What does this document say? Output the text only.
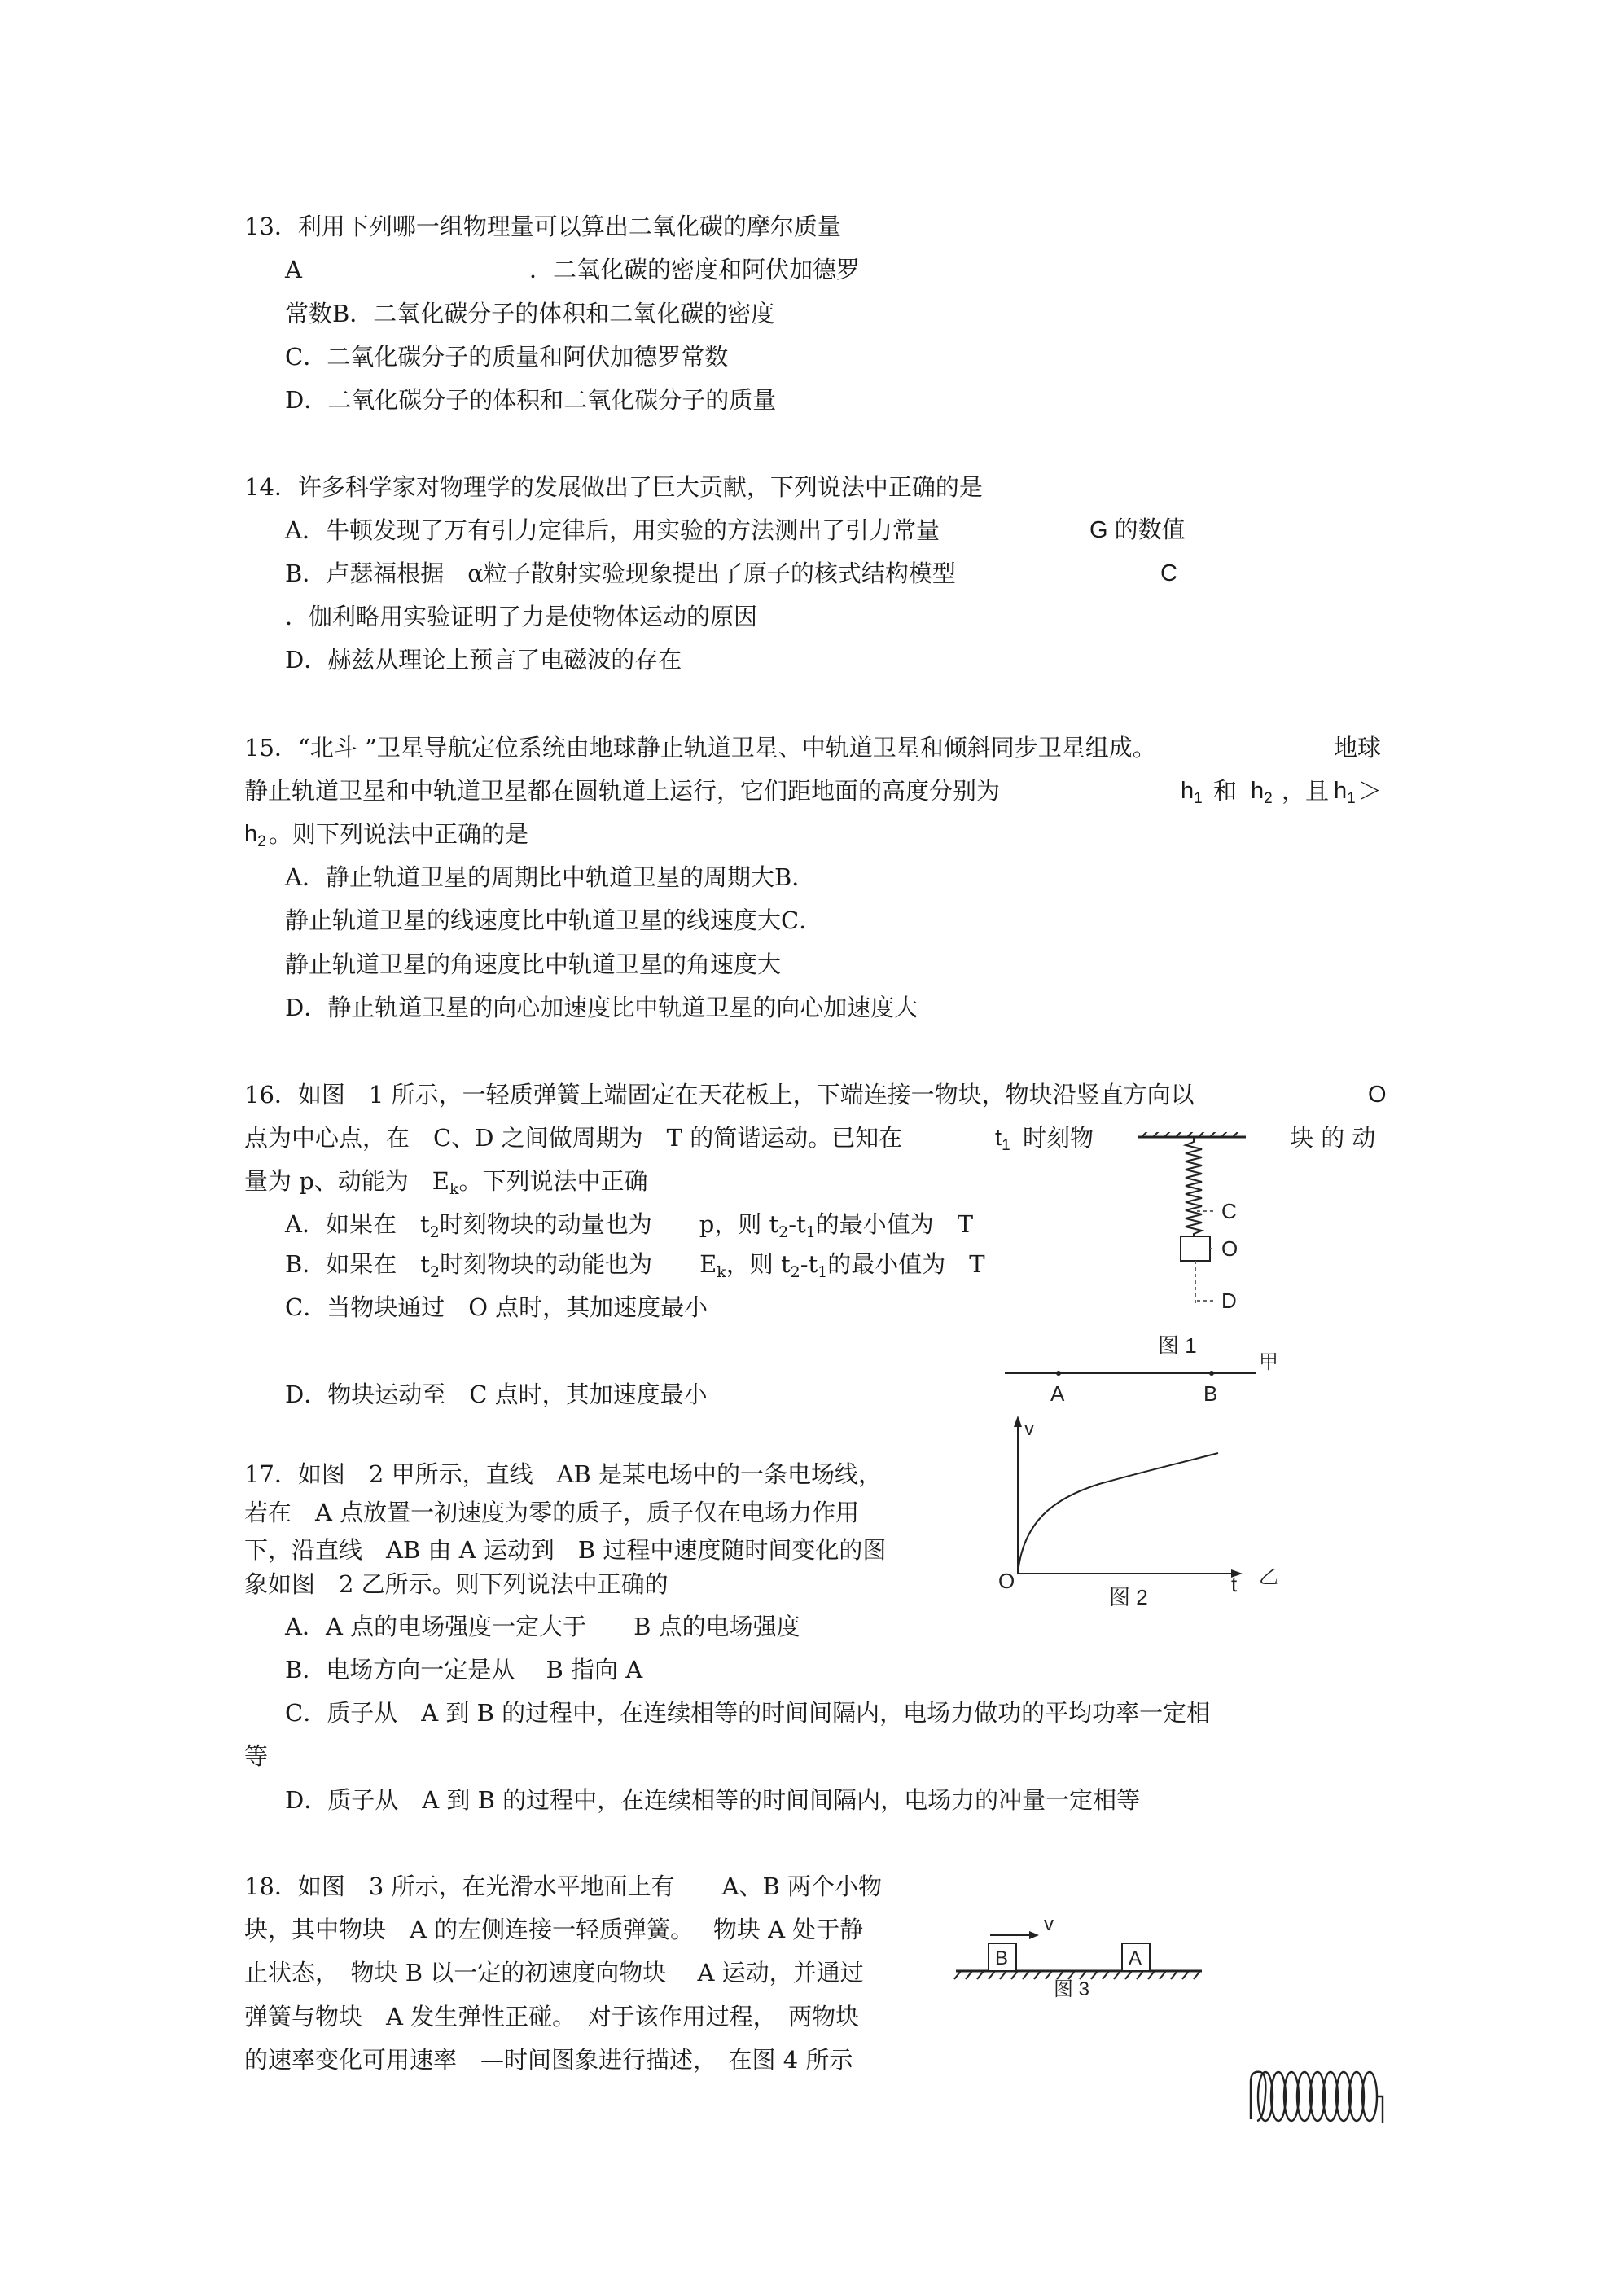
13．利用下列哪一组物理量可以算出二氧化碳的摩尔质量
A	．二氧化碳的密度和阿伏加德罗
常数B．二氧化碳分子的体积和二氧化碳的密度
C．二氧化碳分子的质量和阿伏加德罗常数
D．二氧化碳分子的体积和二氧化碳分子的质量
14．许多科学家对物理学的发展做出了巨大贡献，下列说法中正确的是
A．牛顿发现了万有引力定律后，用实验的方法测出了引力常量	G 的数值
B．卢瑟福根据　α粒子散射实验现象提出了原子的核式结构模型	C
．伽利略用实验证明了力是使物体运动的原因
D．赫兹从理论上预言了电磁波的存在
15．“北斗 ”卫星导航定位系统由地球静止轨道卫星、中轨道卫星和倾斜同步卫星组成。	地球
静止轨道卫星和中轨道卫星都在圆轨道上运行，它们距地面的高度分别为	$h_1$ 和 $h_2$ ，且 $h_1$ ＞
$h_2$ 。则下列说法中正确的是
A．静止轨道卫星的周期比中轨道卫星的周期大B．
静止轨道卫星的线速度比中轨道卫星的线速度大C．
静止轨道卫星的角速度比中轨道卫星的角速度大
D．静止轨道卫星的向心加速度比中轨道卫星的向心加速度大
16．如图　1 所示，一轻质弹簧上端固定在天花板上，下端连接一物块，物块沿竖直方向以	O
点为中心点，在　C、D 之间做周期为　T 的简谐运动。已知在	$t_1$ 时刻物	块 的 动
量为 p、动能为　$E_k$。下列说法中正确
A．如果在　$t_2$时刻物块的动量也为　　p，则 $t_2-t_1$的最小值为　T
B．如果在　$t_2$时刻物块的动能也为　　$E_k$，则 $t_2-t_1$的最小值为　T
C．当物块通过　O 点时，其加速度最小
D．物块运动至　C 点时，其加速度最小
C
O
D
图 1
甲
A	B
v
O	t 乙
图 2
17．如图　2 甲所示，直线　AB 是某电场中的一条电场线，
若在　A 点放置一初速度为零的质子，质子仅在电场力作用
下，沿直线　AB 由 A 运动到　B 过程中速度随时间变化的图
象如图　2 乙所示。则下列说法中正确的
A．A 点的电场强度一定大于　　B 点的电场强度
B．电场方向一定是从　 B 指向 A
C．质子从　A 到 B 的过程中，在连续相等的时间间隔内，电场力做功的平均功率一定相
等
D．质子从　A 到 B 的过程中，在连续相等的时间间隔内，电场力的冲量一定相等
18．如图　3 所示，在光滑水平地面上有　　A、B 两个小物
块，其中物块　A 的左侧连接一轻质弹簧。　 物块 A 处于静
止状态，　物块 B 以一定的初速度向物块　 A 运动，并通过
弹簧与物块　A 发生弹性正碰。　对于该作用过程，　两物块
的速率变化可用速率　—时间图象进行描述，　在图 4 所示
v
B	A
图 3
